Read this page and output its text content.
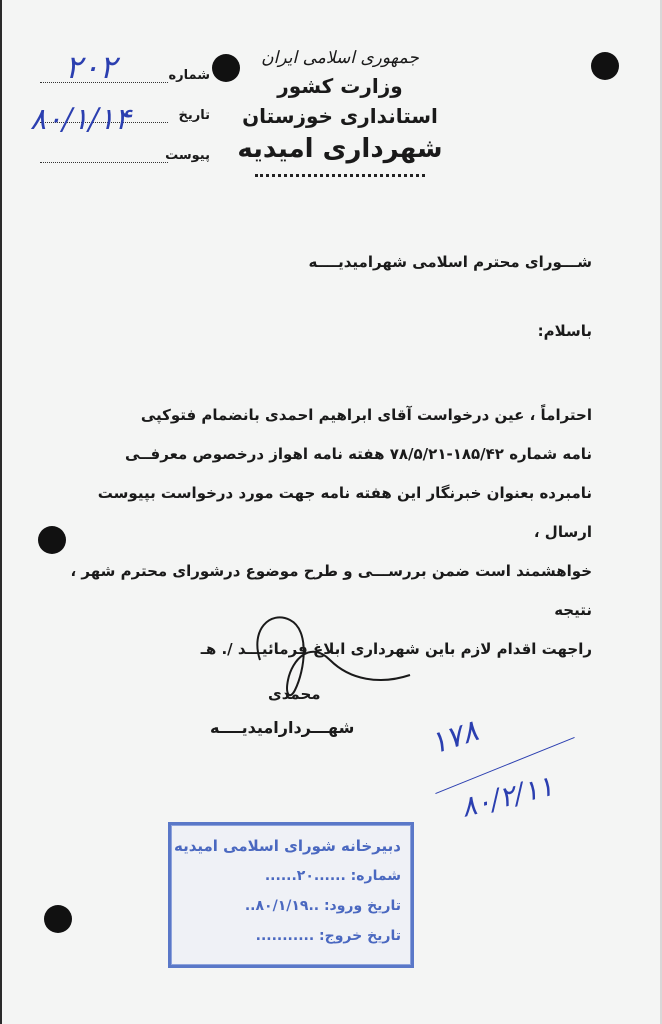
جمهوری اسلامی ایران
وزارت کشور
استانداری خوزستان
شهرداری امیدیه
شماره
تاریخ
پیوست
۲۰۲
۸۰/۱/۱۴
شـــورای محترم اسلامی شهرامیدیــــه
باسلام:
احتراماً ، عین درخواست آقای ابراهیم احمدی بانضمام فتوکپی
نامه شماره ۱۸۵/۴۲-۷۸/۵/۲۱ هفته نامه اهواز درخصوص معرفــی
نامبرده بعنوان خبرنگار این هفته نامه جهت مورد درخواست بپیوست ارسال ،
خواهشمند است ضمن بررســـی و طرح موضوع درشورای محترم شهر ، نتیجه
راجهت اقدام لازم باین شهرداری ابلاغ فرمائیـــد /. هـ
محمدی
شهـــرداراميديــــه ۱۷۸
۸۰/۲/۱۱
دبیرخانه شورای اسلامی امیدیه
شماره: ......۲۰......
تاریخ ورود: ..۸۰/۱/۱۹..
تاریخ خروج: ...........
